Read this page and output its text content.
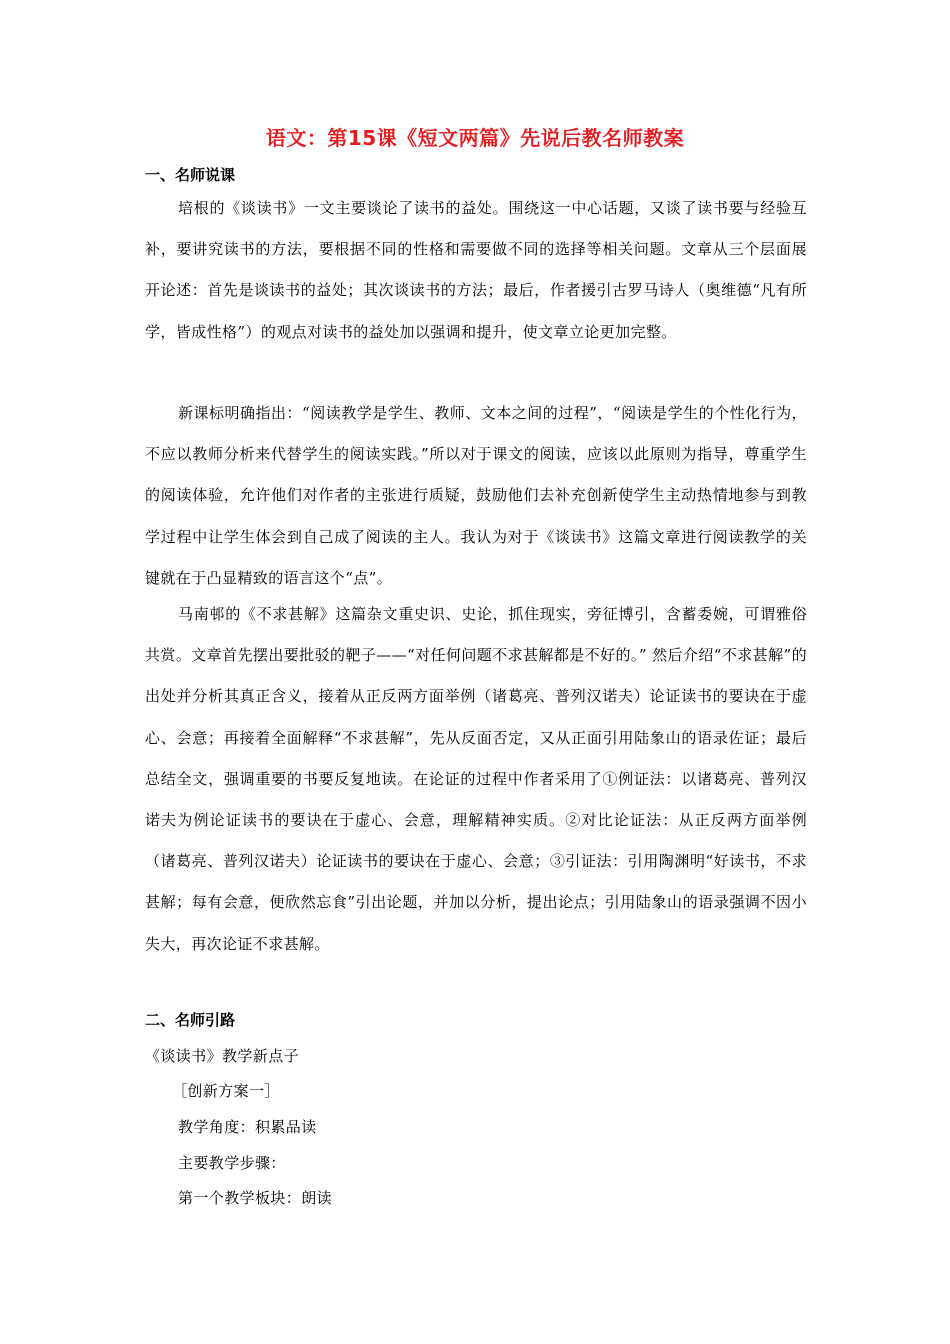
语文：第15课《短文两篇》先说后教名师教案
一、名师说课

培根的《谈读书》一文主要谈论了读书的益处。围绕这一中心话题，又谈了读书要与经验互补，要讲究读书的方法，要根据不同的性格和需要做不同的选择等相关问题。文章从三个层面展开论述：首先是谈读书的益处；其次谈读书的方法；最后，作者援引古罗马诗人（奥维德“凡有所学，皆成性格”）的观点对读书的益处加以强调和提升，使文章立论更加完整。

新课标明确指出：“阅读教学是学生、教师、文本之间的过程”，“阅读是学生的个性化行为，不应以教师分析来代替学生的阅读实践。”所以对于课文的阅读，应该以此原则为指导，尊重学生的阅读体验，允许他们对作者的主张进行质疑，鼓励他们去补充创新使学生主动热情地参与到教学过程中让学生体会到自己成了阅读的主人。我认为对于《谈读书》这篇文章进行阅读教学的关键就在于凸显精致的语言这个“点”。

马南邨的《不求甚解》这篇杂文重史识、史论，抓住现实，旁征博引，含蓄委婉，可谓雅俗共赏。文章首先摆出要批驳的靶子——“对任何问题不求甚解都是不好的。” 然后介绍“不求甚解”的出处并分析其真正含义，接着从正反两方面举例（诸葛亮、普列汉诺夫）论证读书的要诀在于虚心、会意；再接着全面解释“不求甚解”，先从反面否定，又从正面引用陆象山的语录佐证；最后总结全文，强调重要的书要反复地读。在论证的过程中作者采用了①例证法：以诸葛亮、普列汉诺夫为例论证读书的要诀在于虚心、会意，理解精神实质。②对比论证法：从正反两方面举例（诸葛亮、普列汉诺夫）论证读书的要诀在于虚心、会意；③引证法：引用陶渊明“好读书，不求甚解；每有会意，便欣然忘食”引出论题，并加以分析，提出论点；引用陆象山的语录强调不因小失大，再次论证不求甚解。

二、名师引路
《谈读书》教学新点子
［创新方案一］
教学角度：积累品读
主要教学步骤：
第一个教学板块：朗读
